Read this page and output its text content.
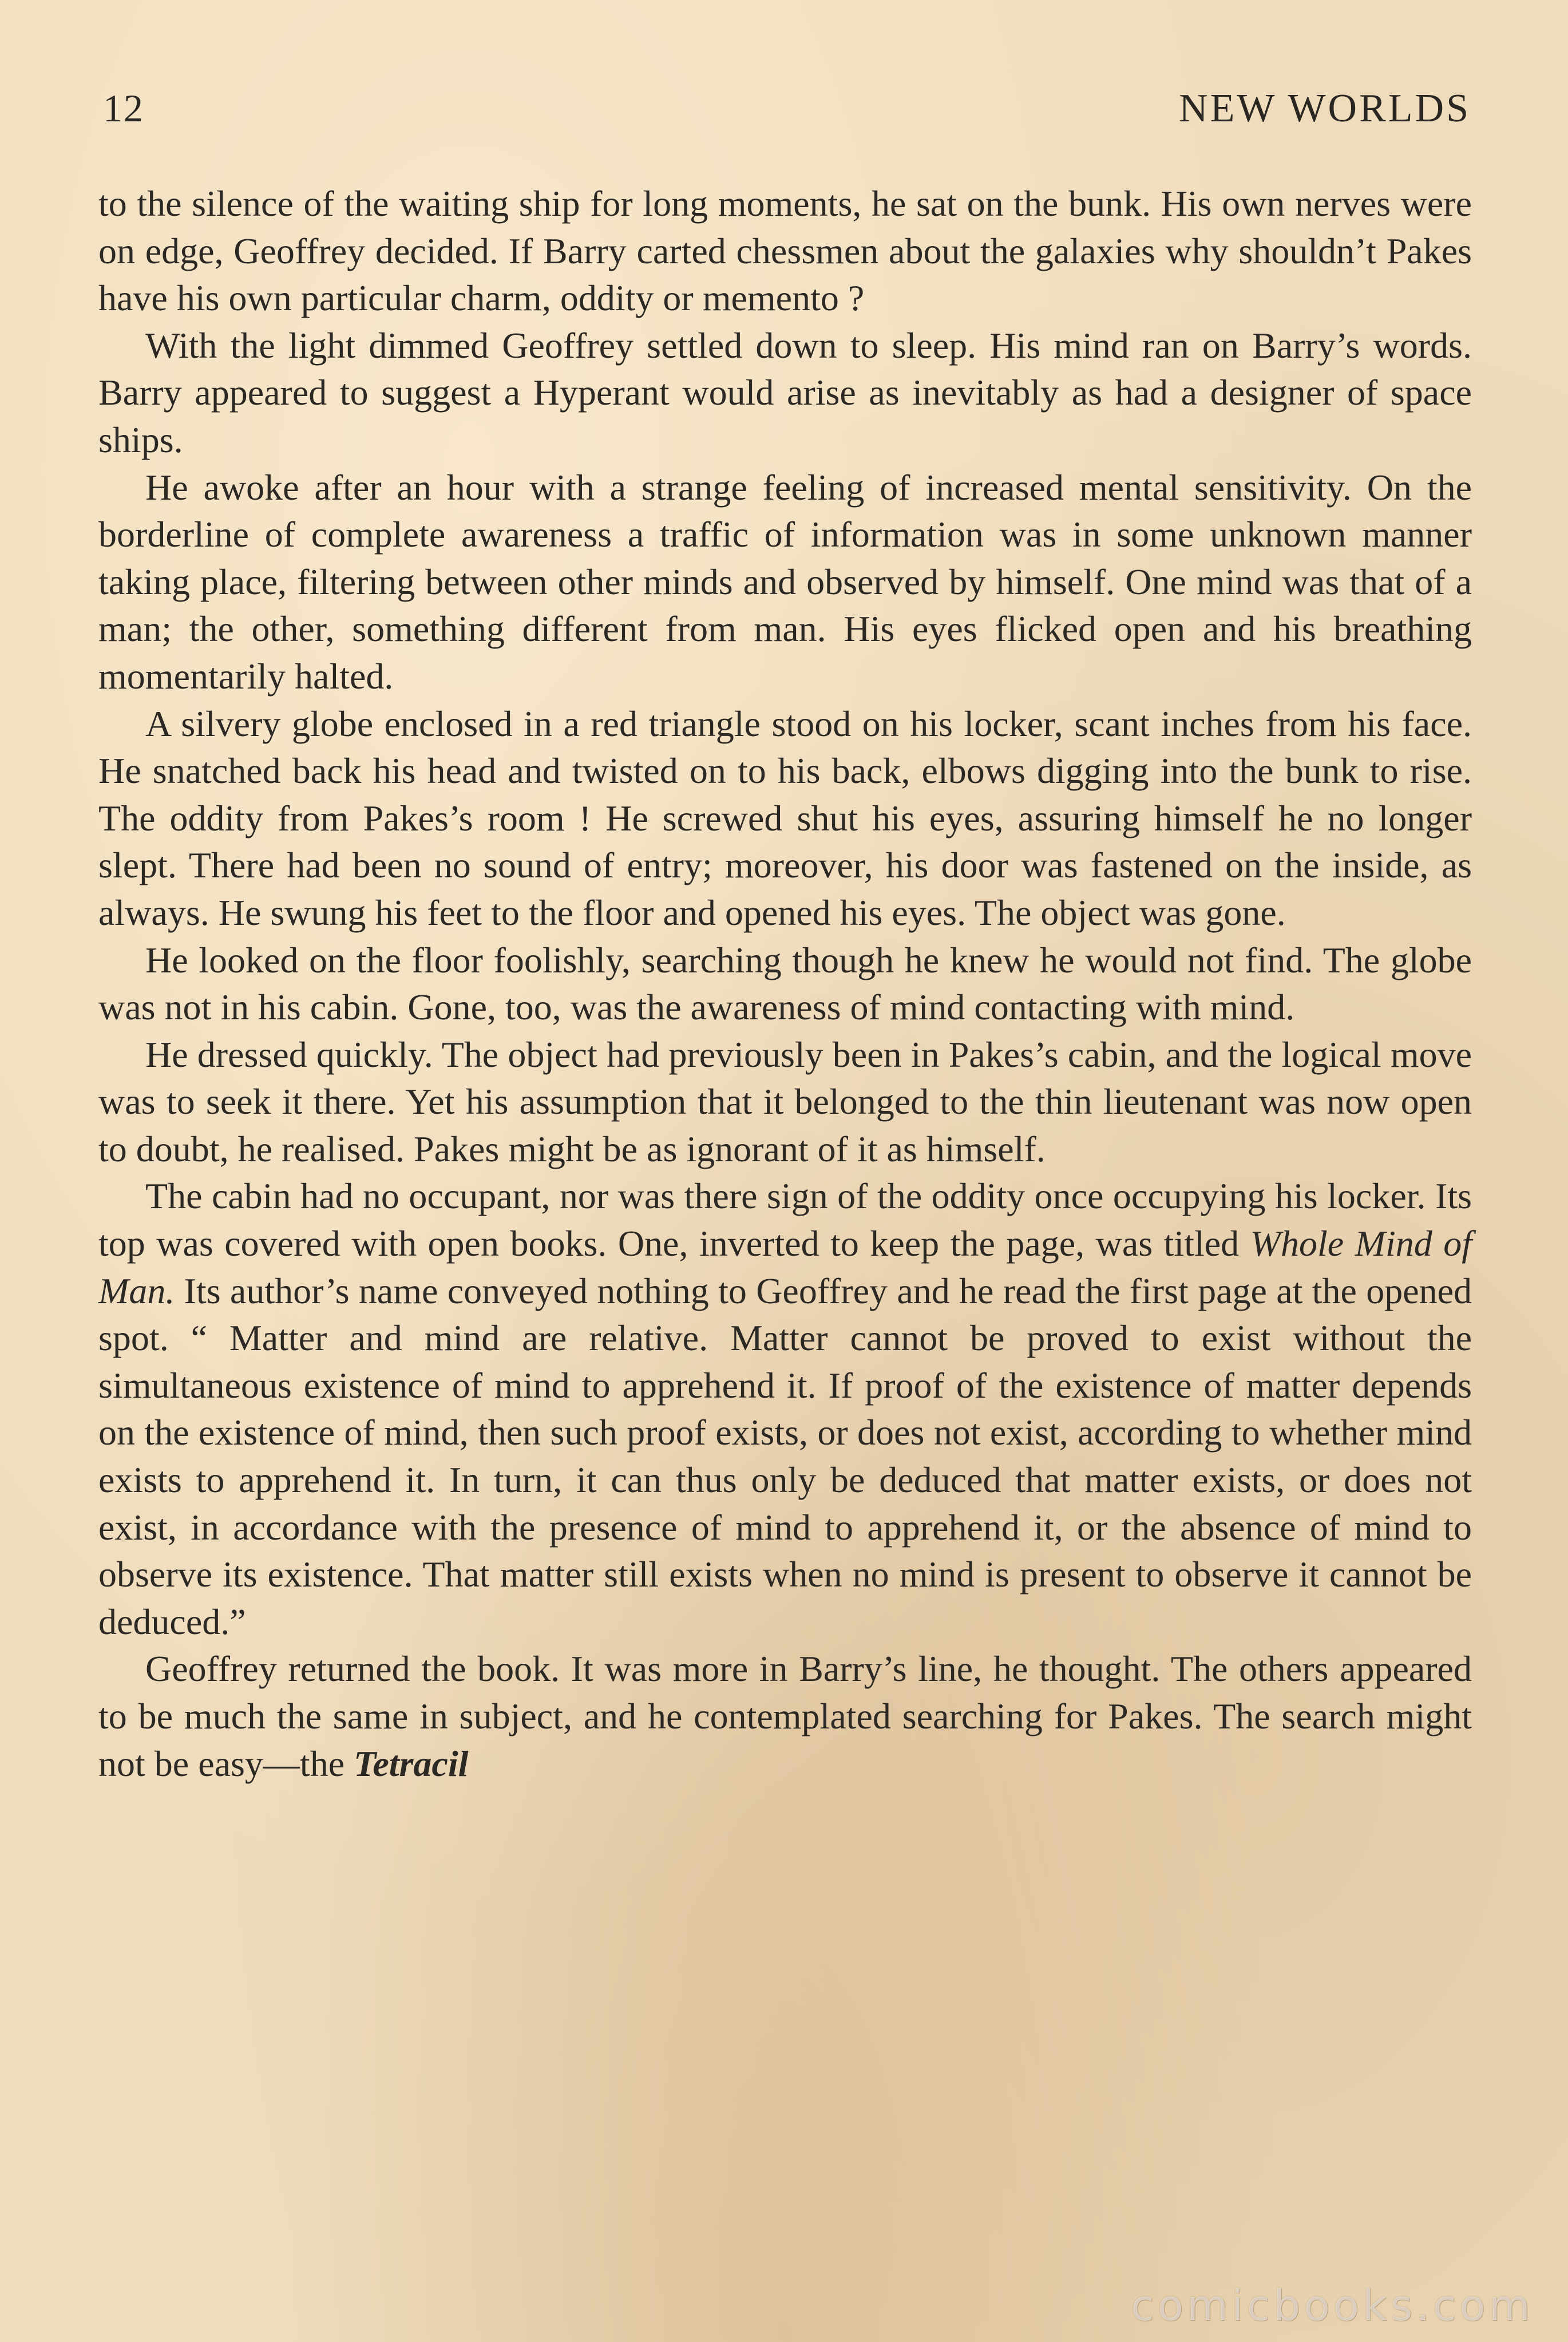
12	NEW WORLDS

to the silence of the waiting ship for long moments, he sat on the bunk. His own nerves were on edge, Geoffrey decided. If Barry carted chessmen about the galaxies why shouldn’t Pakes have his own particular charm, oddity or memento ?

With the light dimmed Geoffrey settled down to sleep. His mind ran on Barry’s words. Barry appeared to suggest a Hyperant would arise as inevitably as had a designer of space ships.

He awoke after an hour with a strange feeling of increased mental sensitivity. On the borderline of complete awareness a traffic of information was in some unknown manner taking place, filtering between other minds and observed by himself. One mind was that of a man; the other, something different from man. His eyes flicked open and his breathing momentarily halted.

A silvery globe enclosed in a red triangle stood on his locker, scant inches from his face. He snatched back his head and twisted on to his back, elbows digging into the bunk to rise. The oddity from Pakes’s room ! He screwed shut his eyes, assuring himself he no longer slept. There had been no sound of entry; moreover, his door was fastened on the inside, as always. He swung his feet to the floor and opened his eyes. The object was gone.

He looked on the floor foolishly, searching though he knew he would not find. The globe was not in his cabin. Gone, too, was the awareness of mind contacting with mind.

He dressed quickly. The object had previously been in Pakes’s cabin, and the logical move was to seek it there. Yet his assumption that it belonged to the thin lieutenant was now open to doubt, he realised. Pakes might be as ignorant of it as himself.

The cabin had no occupant, nor was there sign of the oddity once occupying his locker. Its top was covered with open books. One, inverted to keep the page, was titled Whole Mind of Man. Its author’s name conveyed nothing to Geoffrey and he read the first page at the opened spot. “ Matter and mind are relative. Matter cannot be proved to exist without the simultaneous existence of mind to apprehend it. If proof of the existence of matter depends on the existence of mind, then such proof exists, or does not exist, according to whether mind exists to apprehend it. In turn, it can thus only be deduced that matter exists, or does not exist, in accordance with the presence of mind to apprehend it, or the absence of mind to observe its existence. That matter still exists when no mind is present to observe it cannot be deduced.”

Geoffrey returned the book. It was more in Barry’s line, he thought. The others appeared to be much the same in subject, and he contemplated searching for Pakes. The search might not be easy—the Tetracil

comicbooks.com
